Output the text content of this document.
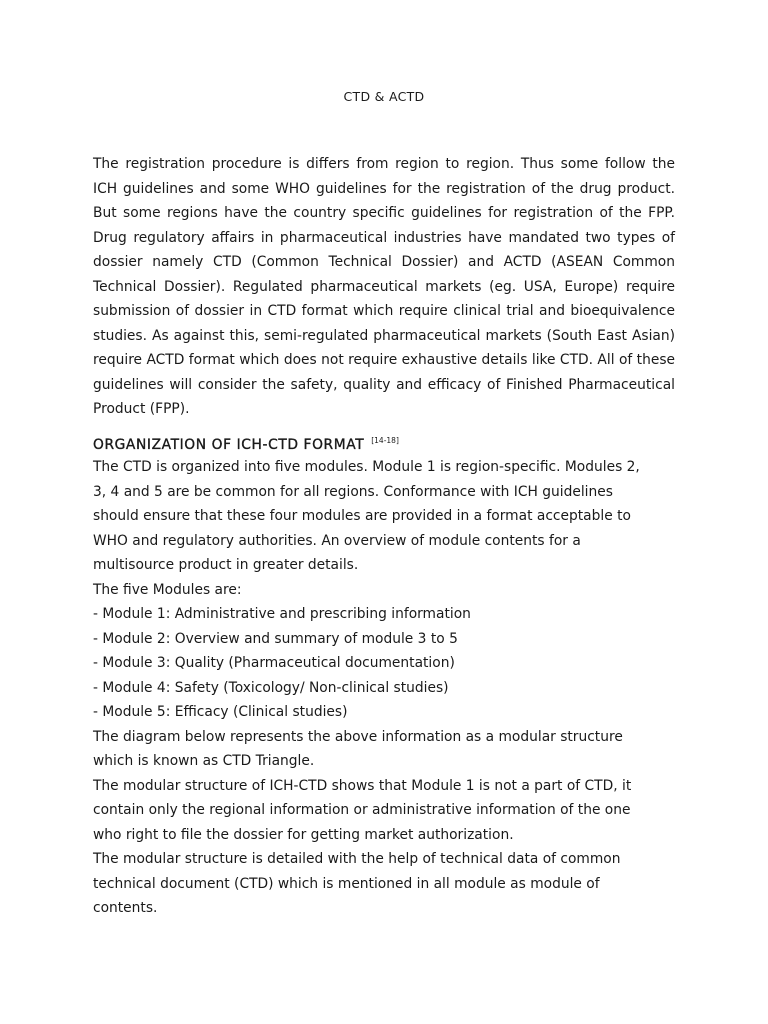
CTD & ACTD

The registration procedure is differs from region to region. Thus some follow the ICH guidelines and some WHO guidelines for the registration of the drug product. But some regions have the country specific guidelines for registration of the FPP. Drug regulatory affairs in pharmaceutical industries have mandated two types of dossier namely CTD (Common Technical Dossier) and ACTD (ASEAN Common Technical Dossier). Regulated pharmaceutical markets (eg. USA, Europe) require submission of dossier in CTD format which require clinical trial and bioequivalence studies. As against this, semi-regulated pharmaceutical markets (South East Asian) require ACTD format which does not require exhaustive details like CTD. All of these guidelines will consider the safety, quality and efficacy of Finished Pharmaceutical Product (FPP).

ORGANIZATION OF ICH-CTD FORMAT [14-18]
The CTD is organized into five modules. Module 1 is region-specific. Modules 2,
3, 4 and 5 are be common for all regions. Conformance with ICH guidelines
should ensure that these four modules are provided in a format acceptable to
WHO and regulatory authorities. An overview of module contents for a
multisource product in greater details.
The five Modules are:
- Module 1: Administrative and prescribing information
- Module 2: Overview and summary of module 3 to 5
- Module 3: Quality (Pharmaceutical documentation)
- Module 4: Safety (Toxicology/ Non-clinical studies)
- Module 5: Efficacy (Clinical studies)
The diagram below represents the above information as a modular structure
which is known as CTD Triangle.
The modular structure of ICH-CTD shows that Module 1 is not a part of CTD, it
contain only the regional information or administrative information of the one
who right to file the dossier for getting market authorization.
The modular structure is detailed with the help of technical data of common
technical document (CTD) which is mentioned in all module as module of
contents.
